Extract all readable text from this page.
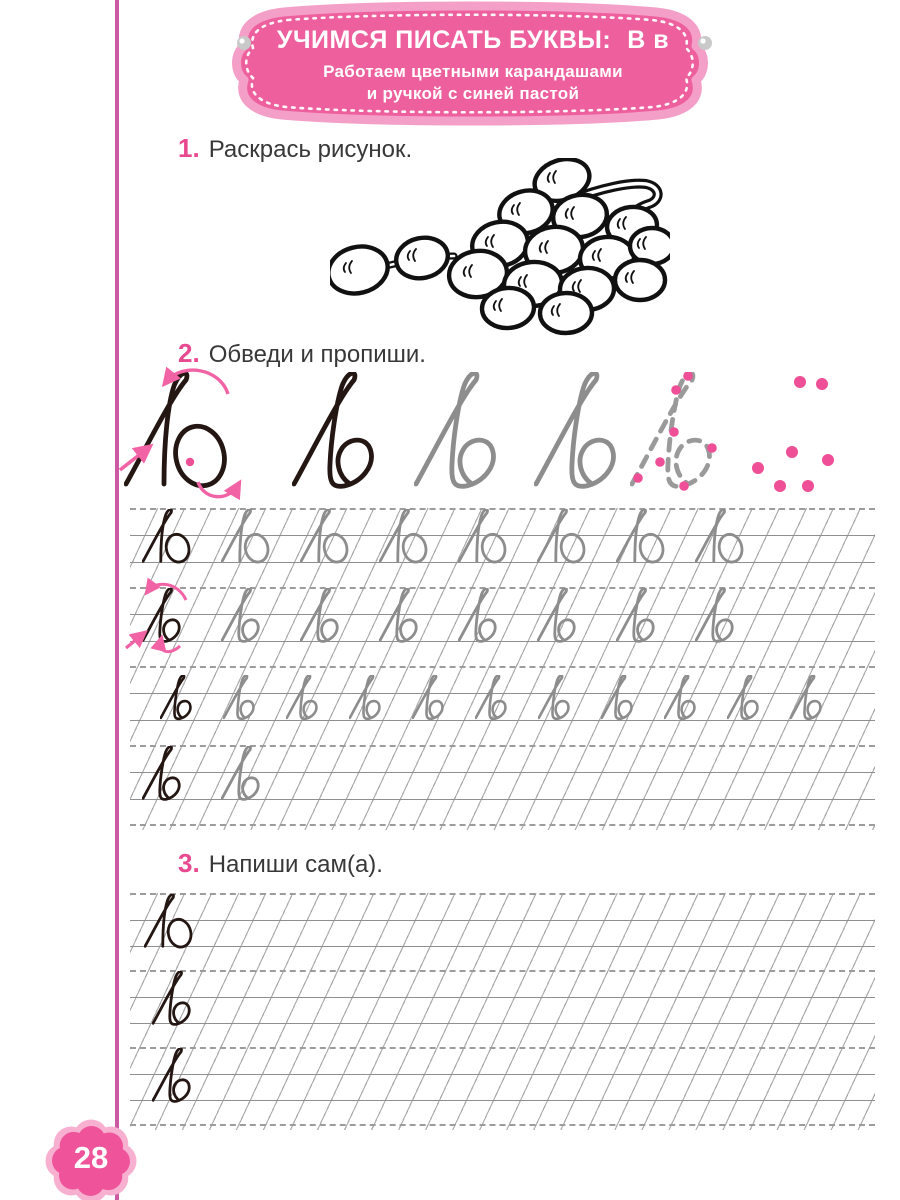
УЧИМСЯ ПИСАТЬ БУКВЫ: В в
Работаем цветными карандашами
и ручкой с синей пастой
1. Раскрась рисунок.
2. Обведи и пропиши.
3. Напиши сам(а).
28
